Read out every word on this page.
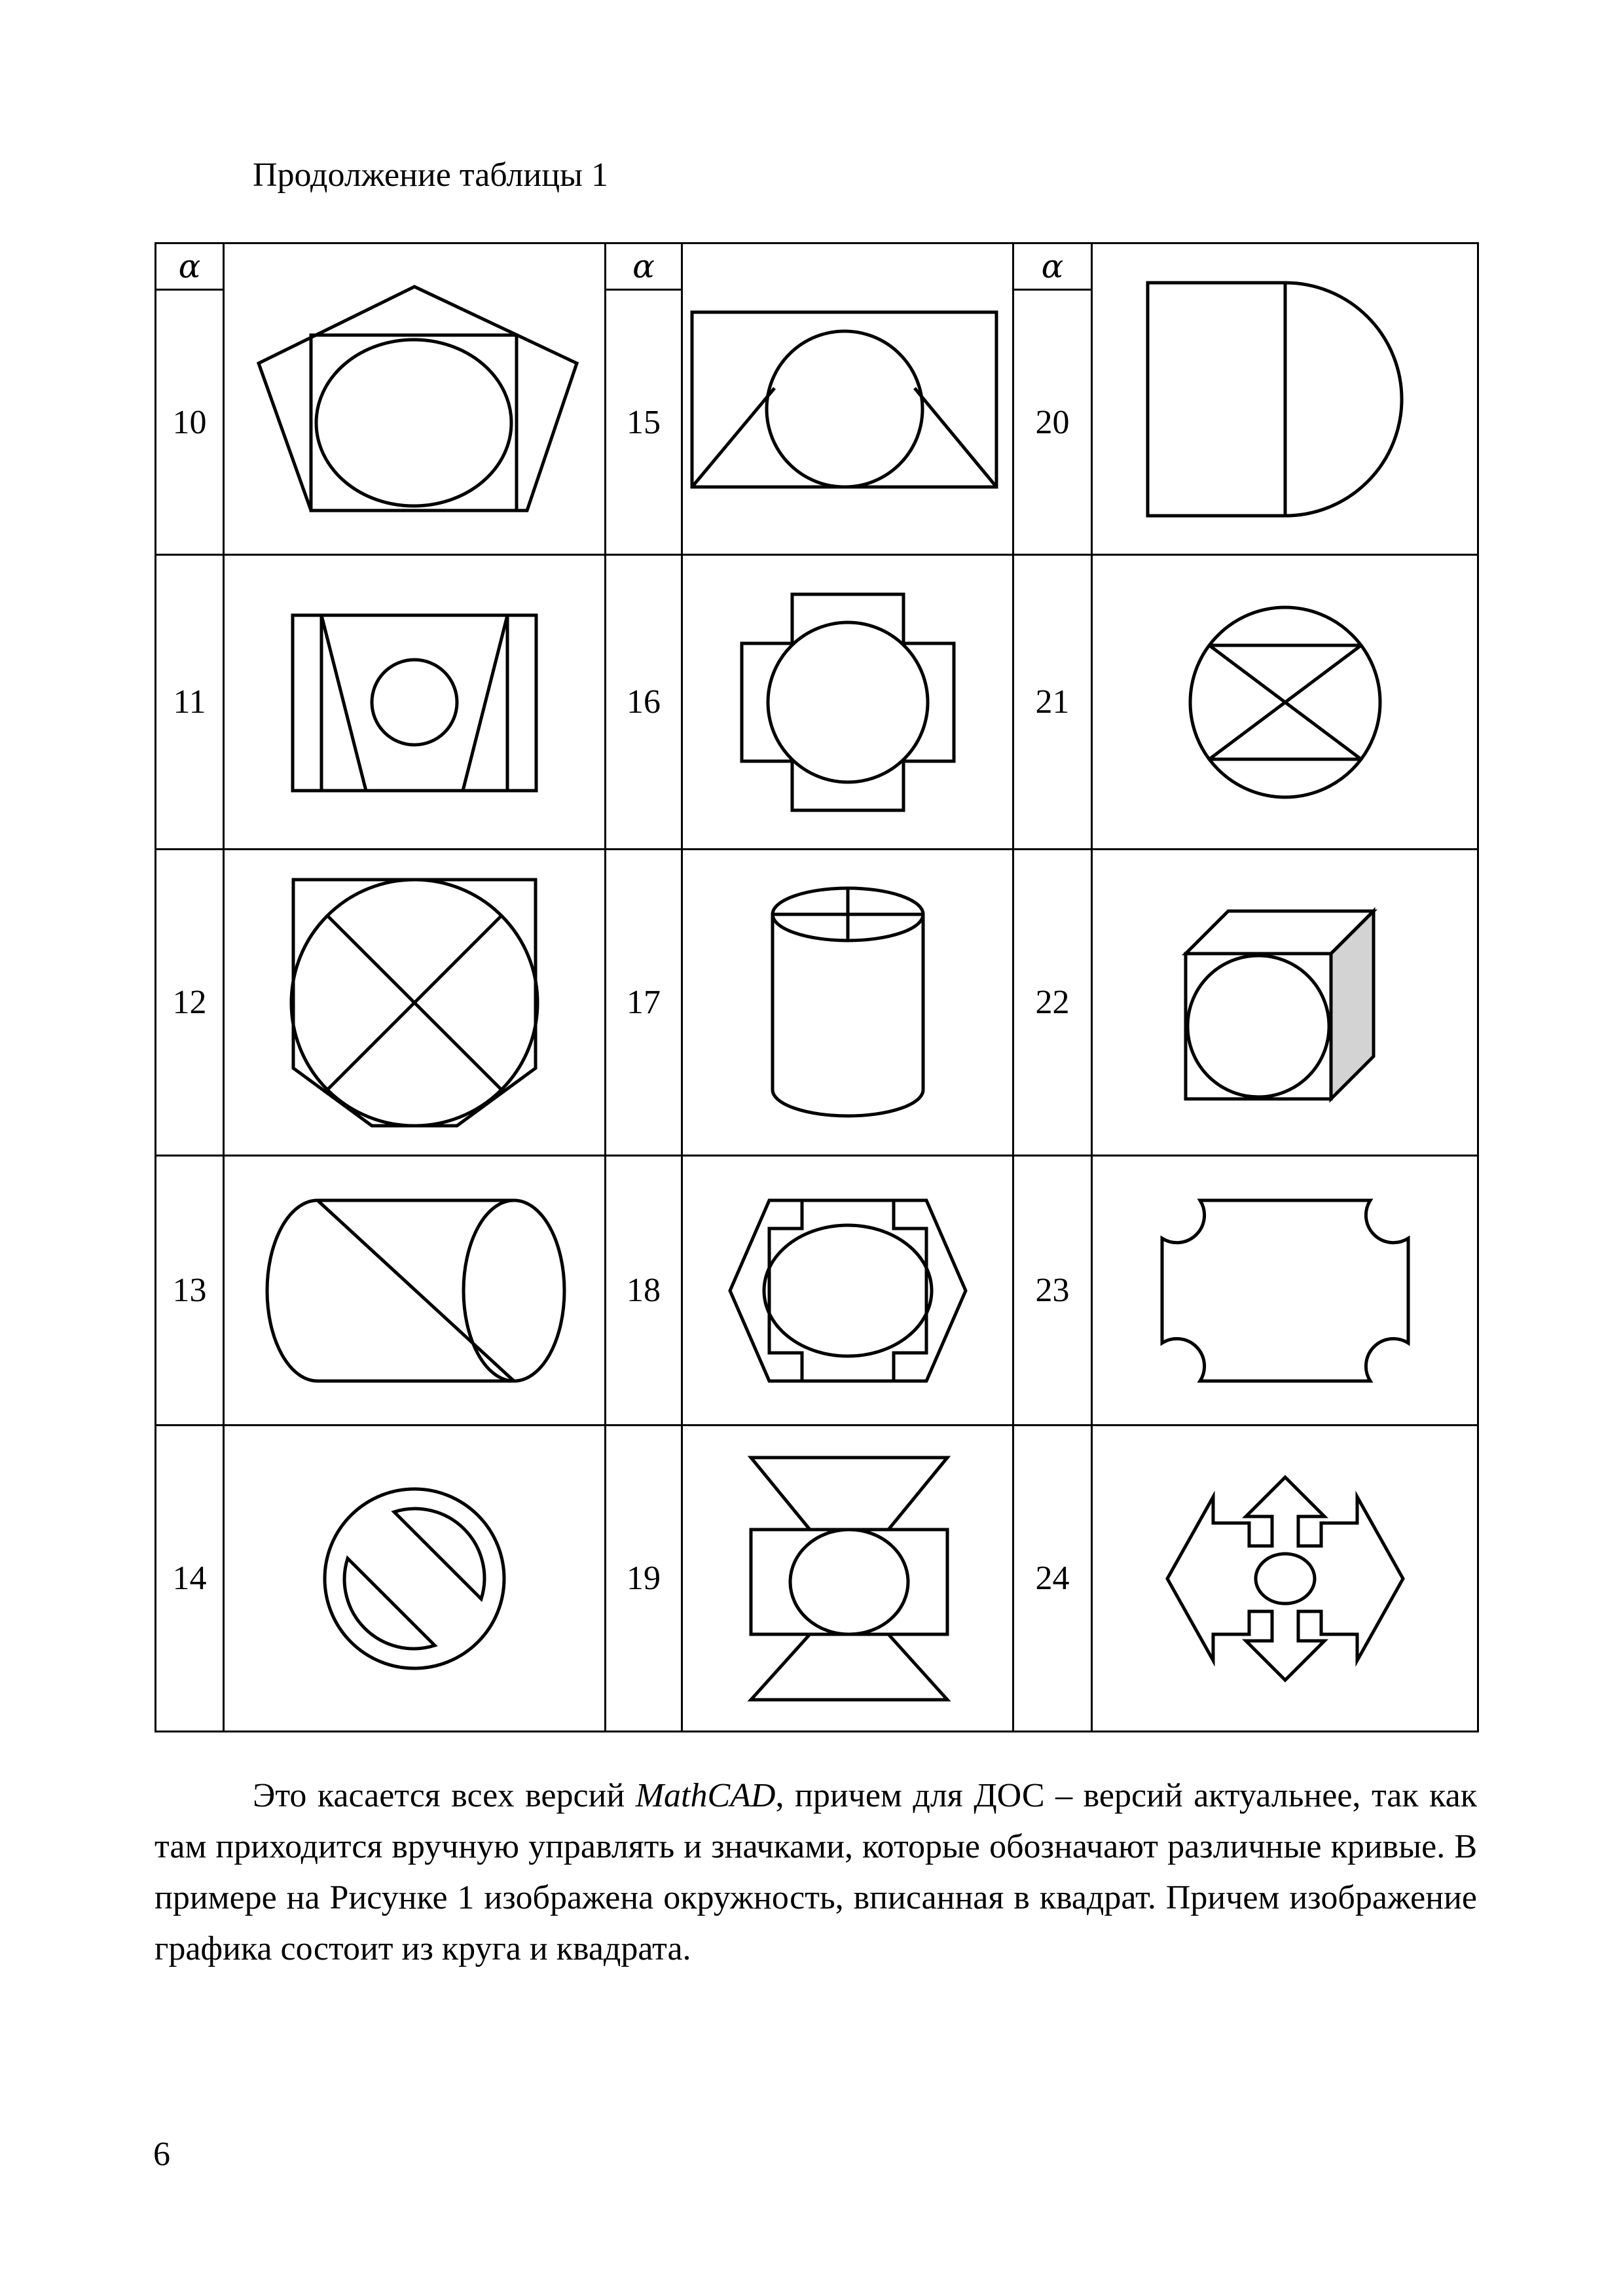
Продолжение таблицы 1
α		α		α	

10		15		20	
11		16		21	

12		17		22	

13		18		23	

14		19		24	

Это касается всех версий MathCAD, причем для ДОС – версий актуальнее, так как там приходится вручную управлять и значками, которые обозначают различные кривые. В примере на Рисунке 1 изображена окружность, вписанная в квадрат. Причем изображение графика состоит из круга и квадрата.

6
